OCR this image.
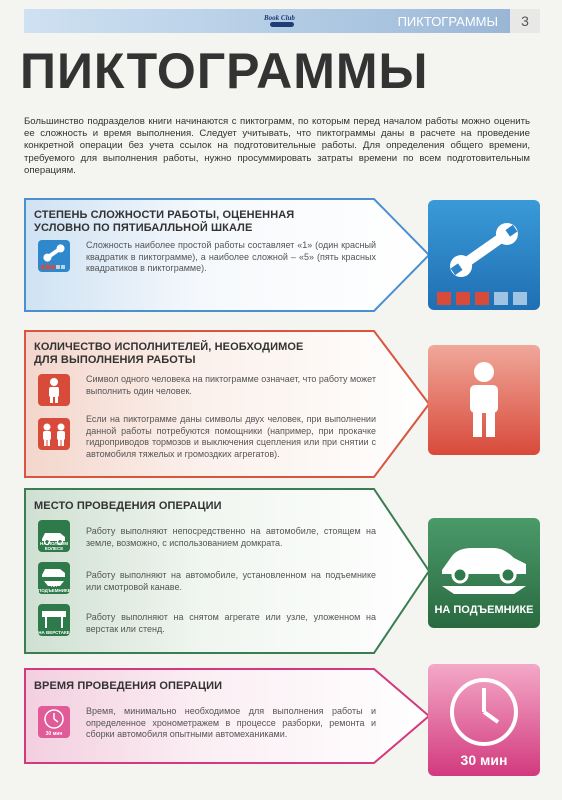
Book Club	ПИКТОГРАММЫ	3
ПИКТОГРАММЫ

Большинство подразделов книги начинаются с пиктограмм, по которым перед началом работы можно оценить ее сложность и время выполнения. Следует учитывать, что пиктограммы даны в расчете на проведение конкретной операции без учета ссылок на подготовительные работы. Для определения общего времени, требуемого для выполнения работы, нужно просуммировать затраты времени по всем подготовительным операциям.

СТЕПЕНЬ СЛОЖНОСТИ РАБОТЫ, ОЦЕНЕННАЯ
УСЛОВНО ПО ПЯТИБАЛЛЬНОЙ ШКАЛЕ

Сложность наиболее простой работы составляет «1» (один красный квадратик в пиктограмме), а наиболее сложной – «5» (пять красных квадратиков в пиктограмме).

КОЛИЧЕСТВО ИСПОЛНИТЕЛЕЙ, НЕОБХОДИМОЕ
ДЛЯ ВЫПОЛНЕНИЯ РАБОТЫ

Символ одного человека на пиктограмме означает, что работу может выполнить один человек.

Если на пиктограмме даны символы двух человек, при выполнении данной работы потребуются помощники (например, при прокачке гидроприводов тормозов и выключения сцепления или при снятии с автомобиля тяжелых и громоздких агрегатов).

МЕСТО ПРОВЕДЕНИЯ ОПЕРАЦИИ
НА ПОЛНОМ КОЛЕСЕ

Работу выполняют непосредственно на автомобиле, стоящем на земле, возможно, с использованием домкрата.

НА ПОДЪЕМНИКЕ

Работу выполняют на автомобиле, установленном на подъемнике или смотровой канаве.

НА ВЕРСТАКЕ

Работу выполняют на снятом агрегате или узле, уложенном на верстак или стенд.

НА ПОДЪЕМНИКЕ
ВРЕМЯ ПРОВЕДЕНИЯ ОПЕРАЦИИ
30 мин

Время, минимально необходимое для выполнения работы и определенное хронометражем в процессе разборки, ремонта и сборки автомобиля опытными автомеханиками.

30 мин
